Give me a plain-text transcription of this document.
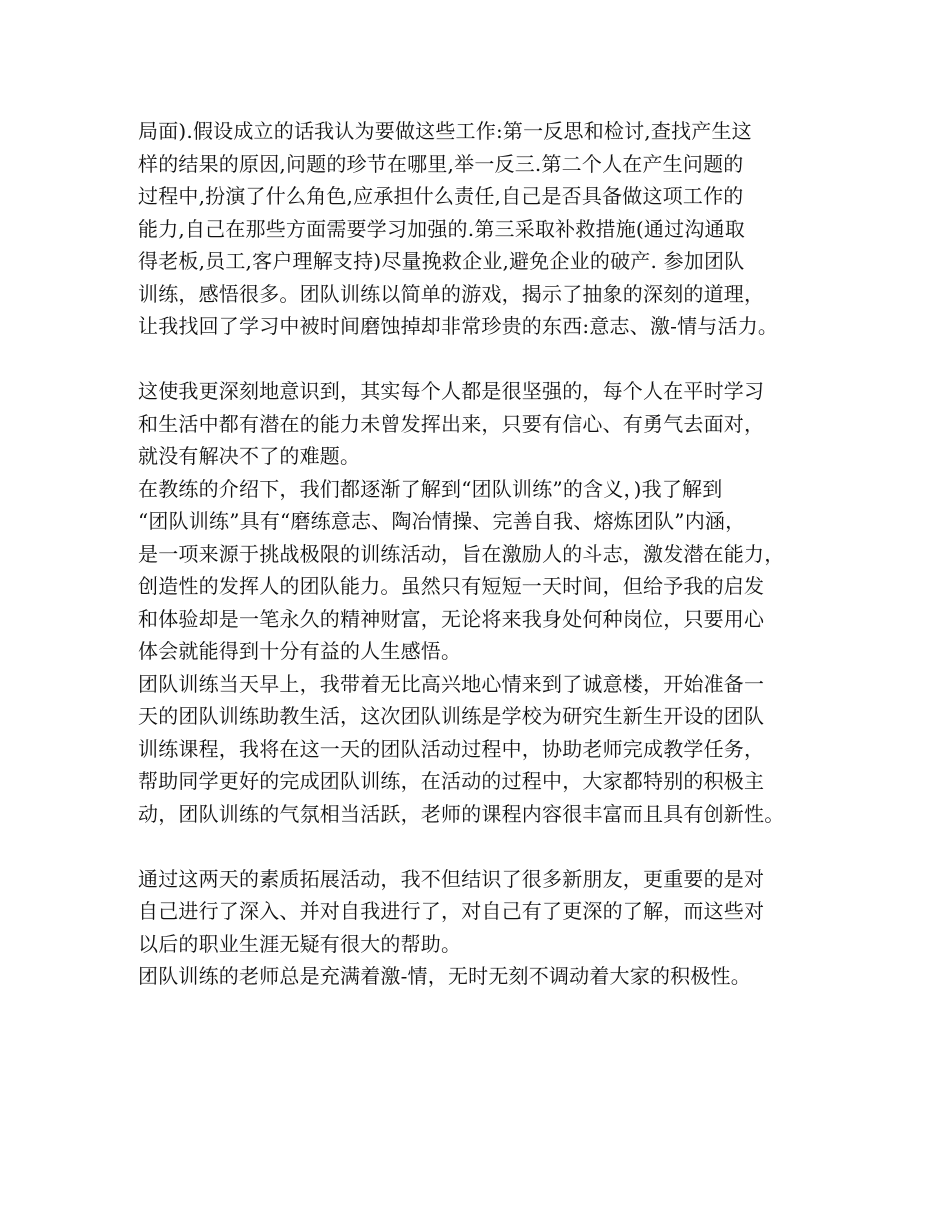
局面).假设成立的话我认为要做这些工作:第一反思和检讨,查找产生这
样的结果的原因,问题的珍节在哪里,举一反三.第二个人在产生问题的
过程中,扮演了什么角色,应承担什么责任,自己是否具备做这项工作的
能力,自己在那些方面需要学习加强的.第三采取补救措施(通过沟通取
得老板,员工,客户理解支持)尽量挽救企业,避免企业的破产. 参加团队
训练，感悟很多。团队训练以简单的游戏，揭示了抽象的深刻的道理，
让我找回了学习中被时间磨蚀掉却非常珍贵的东西:意志、激-情与活力。
这使我更深刻地意识到，其实每个人都是很坚强的，每个人在平时学习
和生活中都有潜在的能力未曾发挥出来，只要有信心、有勇气去面对，
就没有解决不了的难题。
在教练的介绍下，我们都逐渐了解到“团队训练”的含义，)我了解到
“团队训练”具有“磨练意志、陶冶情操、完善自我、熔炼团队”内涵，
是一项来源于挑战极限的训练活动，旨在激励人的斗志，激发潜在能力，
创造性的发挥人的团队能力。虽然只有短短一天时间，但给予我的启发
和体验却是一笔永久的精神财富，无论将来我身处何种岗位，只要用心
体会就能得到十分有益的人生感悟。
团队训练当天早上，我带着无比高兴地心情来到了诚意楼，开始准备一
天的团队训练助教生活，这次团队训练是学校为研究生新生开设的团队
训练课程，我将在这一天的团队活动过程中，协助老师完成教学任务，
帮助同学更好的完成团队训练，在活动的过程中，大家都特别的积极主
动，团队训练的气氛相当活跃，老师的课程内容很丰富而且具有创新性。
通过这两天的素质拓展活动，我不但结识了很多新朋友，更重要的是对
自己进行了深入、并对自我进行了，对自己有了更深的了解，而这些对
以后的职业生涯无疑有很大的帮助。
团队训练的老师总是充满着激-情，无时无刻不调动着大家的积极性。
